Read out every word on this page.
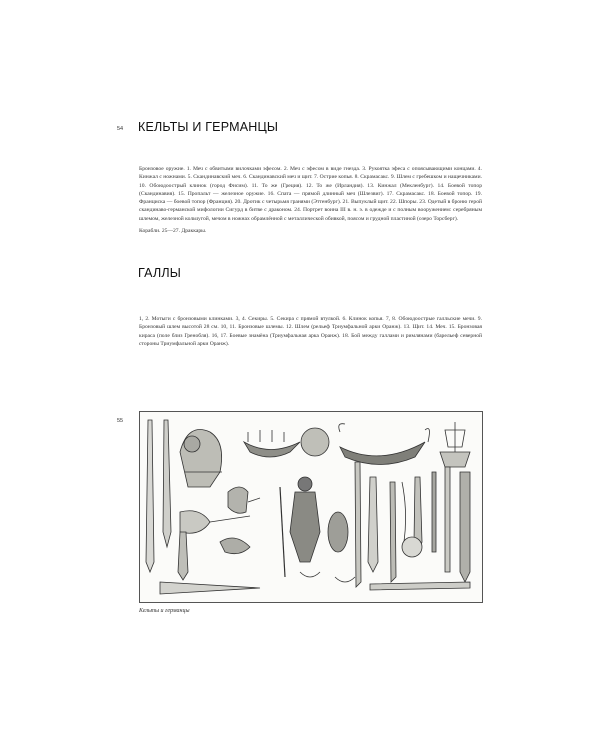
54 КЕЛЬТЫ И ГЕРМАНЦЫ
Бронзовое оружие. 1. Меч с обвитыми вилочками эфесом. 2. Меч с эфесом в виде гнезда. 3. Рукоятка эфеса с опоясывающими концами. 4. Кинжал с ножнами. 5. Скандинавский меч. 6. Скандинавский меч и щит. 7. Острие копья. 8. Скрамасакс. 9. Шлем с гребешком и нащечниками. 10. Обоюдоострый клинок (город Фисим). 11. То же (Греция). 12. То же (Ирландия). 13. Кинжал (Мекленбург). 14. Боевой топор (Скандинавия). 15. Пропальт — железное оружие. 16. Спата — прямой длинный меч (Шлезвиг). 17. Скрамасакс. 18. Боевой топор. 19. Франциска — боевой топор (Франция). 20. Дротик с четырьмя гранями (Эттенбург). 21. Выпуклый щит. 22. Шпоры. 23. Одетый в броню герой скандинаво-германской мифологии Сигурд в битве с драконом. 24. Портрет воина III в. н. э. в одежде и с полным вооружением: серебряным шлемом, железной кольчугой, мечом в ножнах обрамлённой с металлической обивкой, поясом и грудной пластиной (озеро Торсберг).
Корабли. 25—27. Драккары.
ГАЛЛЫ
1, 2. Мотыги с бронзовыми клинками. 3, 4. Секиры. 5. Секира с прямой втулкой. 6. Клинок копья. 7, 8. Обоюдоострые галльские мечи. 9. Бронзовый шлем высотой 28 см. 10, 11. Бронзовые шлемы. 12. Шлем (рельеф Триумфальной арки Оранж). 13. Щит. 14. Меч. 15. Бронзовая кираса (поле близ Гренобля). 16, 17. Боевые знамёна (Триумфальная арка Оранж). 18. Бой между галлами и римлянами (барельеф северной стороны Триумфальной арки Оранж).
55
Кельты и германцы
